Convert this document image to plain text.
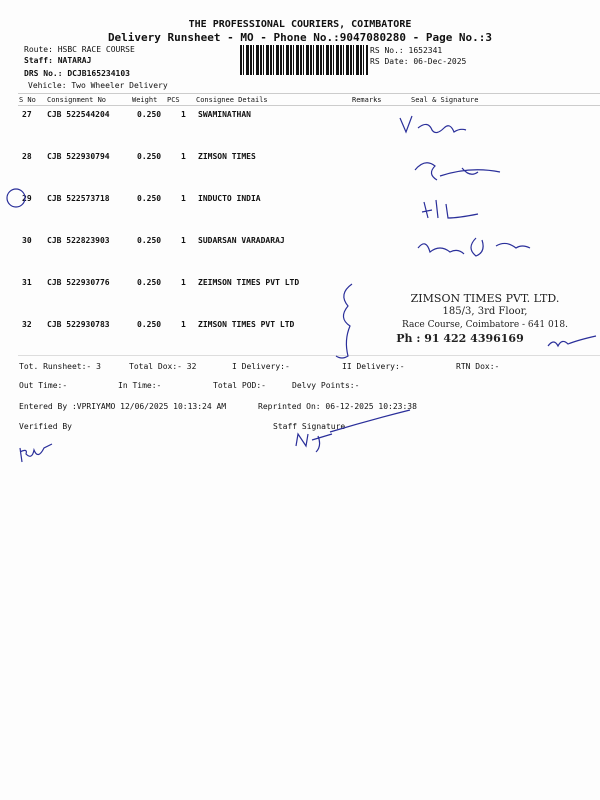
THE PROFESSIONAL COURIERS, COIMBATORE
Delivery Runsheet - MO - Phone No.:9047080280 - Page No.:3
Route: HSBC RACE COURSE
Staff: NATARAJ
DRS No.: DCJB165234103
Vehicle: Two Wheeler Delivery
RS No.: 1652341
RS Date: 06-Dec-2025
S No Consignment No	Weight PCS Consignee Details	Remarks	Seal & Signature
27 CJB 522544204	0.250 1 SWAMINATHAN
28 CJB 522930794	0.250 1 ZIMSON TIMES
29 CJB 522573718	0.250 1 INDUCTO INDIA
30 CJB 522823903	0.250 1 SUDARSAN VARADARAJ
31 CJB 522930776	0.250 1 ZEIMSON TIMES PVT LTD
32 CJB 522930783	0.250 1 ZIMSON TIMES PVT LTD
ZIMSON TIMES PVT. LTD.
185/3, 3rd Floor,
Race Course, Coimbatore - 641 018.
Ph : 91 422 4396169
Tot. Runsheet:- 3	Total Dox:- 32	I Delivery:-	II Delivery:-	RTN Dox:-
Out Time:-	In Time:-	Total POD:-	Delvy Points:-
Entered By :VPRIYAMO 12/06/2025 10:13:24 AM	Reprinted On: 06-12-2025 10:23:38
Verified By	Staff Signature
